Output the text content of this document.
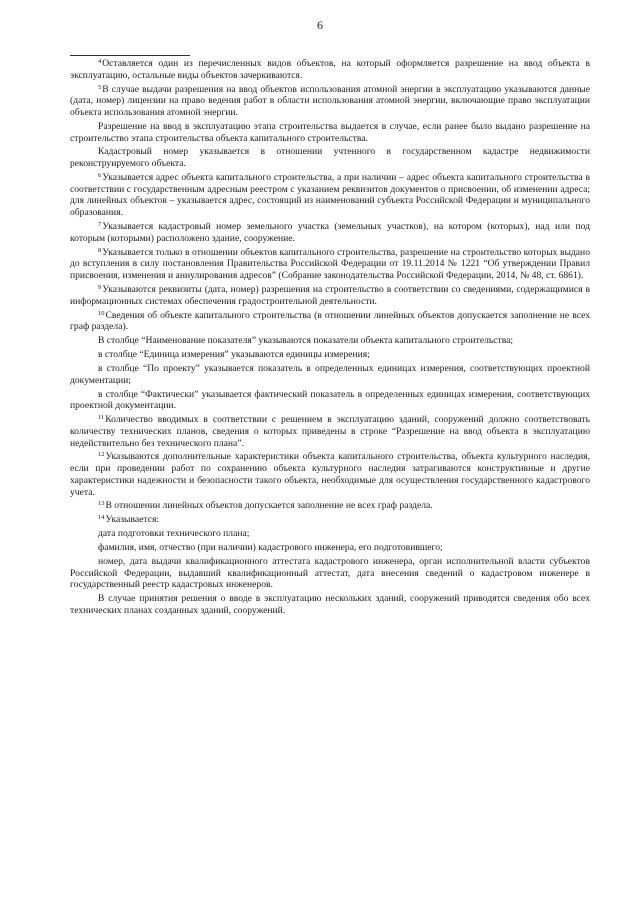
6

$^4$Оставляется один из перечисленных видов объектов, на который оформляется разрешение на ввод объекта в эксплуатацию, остальные виды объектов зачеркиваются.

$^5$В случае выдачи разрешения на ввод объектов использования атомной энергии в эксплуатацию указываются данные (дата, номер) лицензии на право ведения работ в области использования атомной энергии, включающие право эксплуатации объекта использования атомной энергии.

Разрешение на ввод в эксплуатацию этапа строительства выдается в случае, если ранее было выдано разрешение на строительство этапа строительства объекта капитального строительства.

Кадастровый номер указывается в отношении учтенного в государственном кадастре недвижимости реконструируемого объекта.

$^6$Указывается адрес объекта капитального строительства, а при наличии – адрес объекта капитального строительства в соответствии с государственным адресным реестром с указанием реквизитов документов о присвоении, об изменении адреса; для линейных объектов – указывается адрес, состоящий из наименований субъекта Российской Федерации и муниципального образования.

$^7$Указывается кадастровый номер земельного участка (земельных участков), на котором (которых), над или под которым (которыми) расположено здание, сооружение.

$^8$Указывается только в отношении объектов капитального строительства, разрешение на строительство которых выдано до вступления в силу постановления Правительства Российской Федерации от 19.11.2014 № 1221 “Об утверждении Правил присвоения, изменения и аннулирования адресов” (Собрание законодательства Российской Федерации, 2014, № 48, ст. 6861).

$^9$Указываются реквизиты (дата, номер) разрешения на строительство в соответствии со сведениями, содержащимися в информационных системах обеспечения градостроительной деятельности.

$^{10}$Сведения об объекте капитального строительства (в отношении линейных объектов допускается заполнение не всех граф раздела).

В столбце “Наименование показателя” указываются показатели объекта капитального строительства;

в столбце “Единица измерения” указываются единицы измерения;

в столбце “По проекту” указывается показатель в определенных единицах измерения, соответствующих проектной документации;

в столбце “Фактически” указывается фактический показатель в определенных единицах измерения, соответствующих проектной документации.

$^{11}$Количество вводимых в соответствии с решением в эксплуатацию зданий, сооружений должно соответствовать количеству технических планов, сведения о которых приведены в строке “Разрешение на ввод объекта в эксплуатацию недействительно без технического плана”.

$^{12}$Указываются дополнительные характеристики объекта капитального строительства, объекта культурного наследия, если при проведении работ по сохранению объекта культурного наследия затрагиваются конструктивные и другие характеристики надежности и безопасности такого объекта, необходимые для осуществления государственного кадастрового учета.

$^{13}$В отношении линейных объектов допускается заполнение не всех граф раздела.

$^{14}$Указывается:

дата подготовки технического плана;

фамилия, имя, отчество (при наличии) кадастрового инженера, его подготовившего;

номер, дата выдачи квалификационного аттестата кадастрового инженера, орган исполнительной власти субъектов Российской Федерации, выдавший квалификационный аттестат, дата внесения сведений о кадастровом инженере в государственный реестр кадастровых инженеров.

В случае принятия решения о вводе в эксплуатацию нескольких зданий, сооружений приводятся сведения обо всех технических планах созданных зданий, сооружений.
